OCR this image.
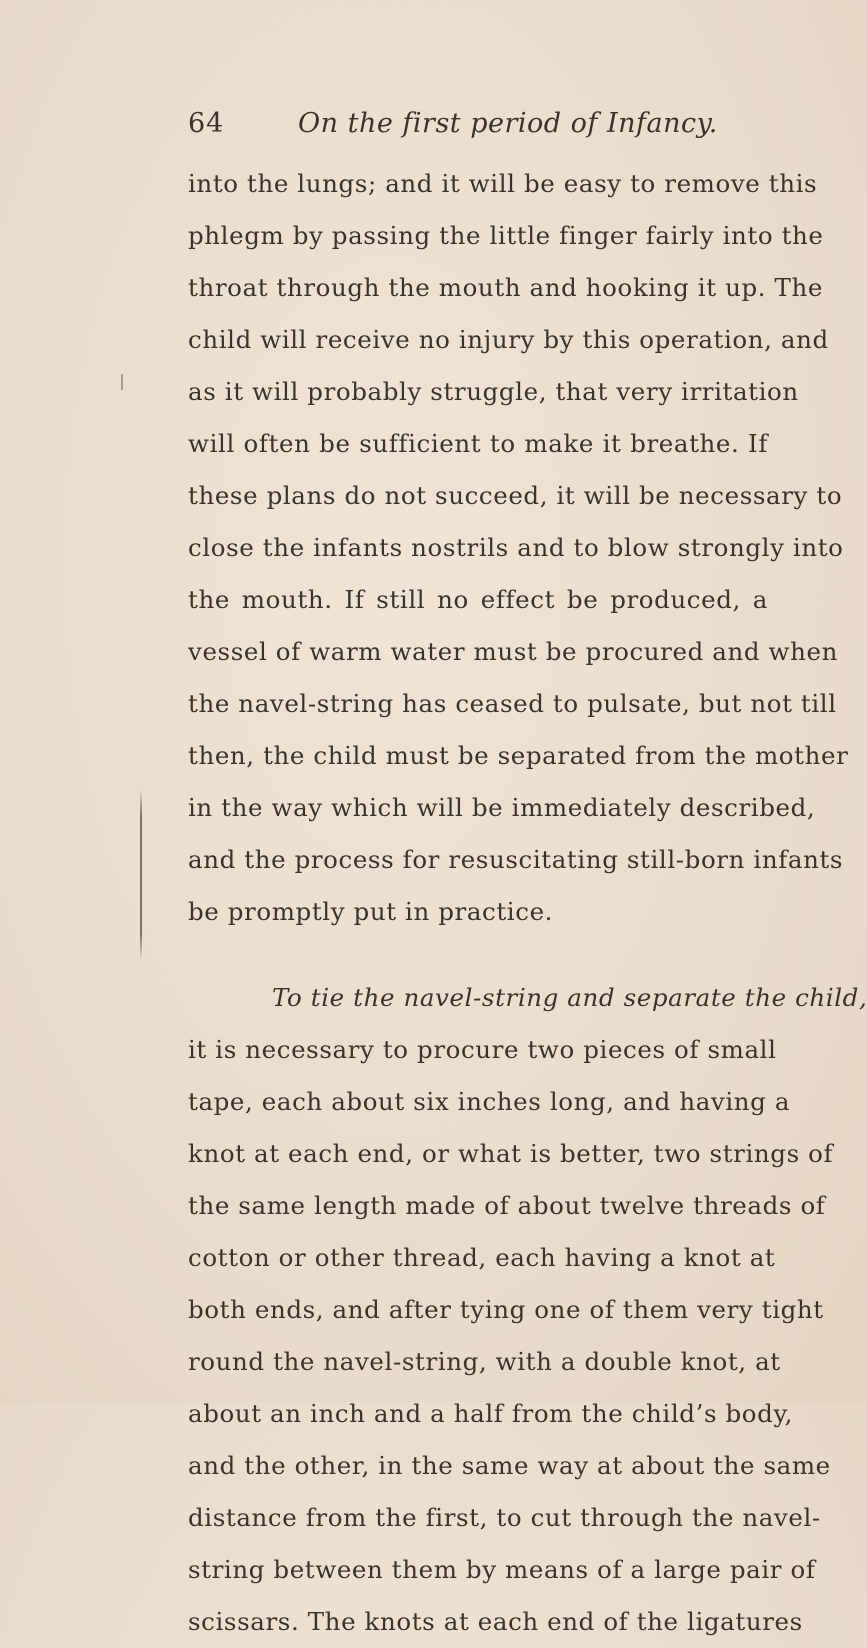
64	On the first period of Infancy.
into the lungs; and it will be easy to remove this
phlegm by passing the little finger fairly into the
throat through the mouth and hooking it up. The
child will receive no injury by this operation, and
as it will probably struggle, that very irritation
will often be sufficient to make it breathe. If
these plans do not succeed, it will be necessary to
close the infants nostrils and to blow strongly into
the mouth. If still no effect be produced, a
vessel of warm water must be procured and when
the navel-string has ceased to pulsate, but not till
then, the child must be separated from the mother
in the way which will be immediately described,
and the process for resuscitating still-born infants
be promptly put in practice.
To tie the navel-string and separate the child,
it is necessary to procure two pieces of small
tape, each about six inches long, and having a
knot at each end, or what is better, two strings of
the same length made of about twelve threads of
cotton or other thread, each having a knot at
both ends, and after tying one of them very tight
round the navel-string, with a double knot, at
about an inch and a half from the child’s body,
and the other, in the same way at about the same
distance from the first, to cut through the navel-
string between them by means of a large pair of
scissars. The knots at each end of the ligatures
